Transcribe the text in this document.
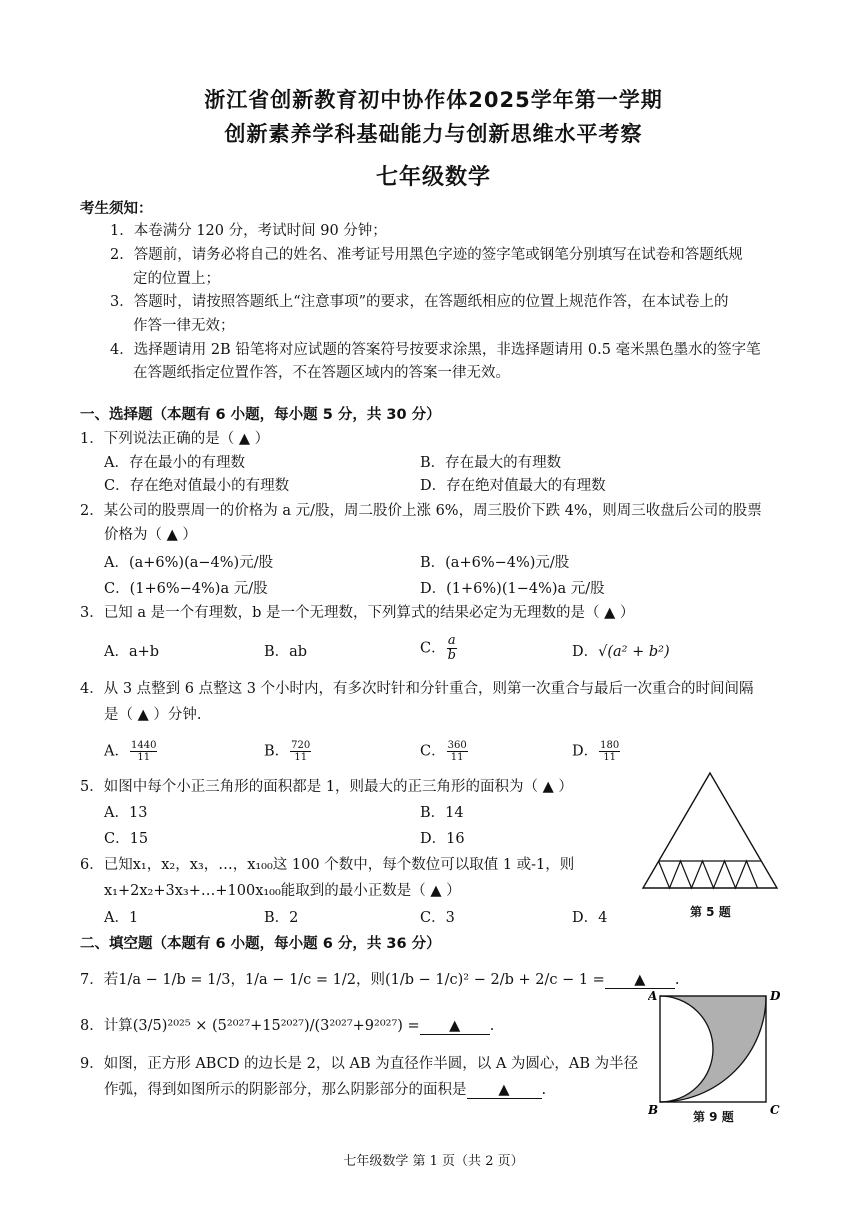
浙江省创新教育初中协作体2025学年第一学期
创新素养学科基础能力与创新思维水平考察
七年级数学
考生须知：
1．本卷满分 120 分，考试时间 90 分钟；
2．答题前，请务必将自己的姓名、准考证号用黑色字迹的签字笔或钢笔分别填写在试卷和答题纸规
定的位置上；
3．答题时，请按照答题纸上“注意事项”的要求，在答题纸相应的位置上规范作答，在本试卷上的
作答一律无效；
4．选择题请用 2B 铅笔将对应试题的答案符号按要求涂黑，非选择题请用 0.5 毫米黑色墨水的签字笔
在答题纸指定位置作答，不在答题区域内的答案一律无效。
一、选择题（本题有 6 小题，每小题 5 分，共 30 分）
1．下列说法正确的是（ ▲ ）
A．存在最小的有理数	B．存在最大的有理数
C．存在绝对值最小的有理数	D．存在绝对值最大的有理数
2．某公司的股票周一的价格为 a 元/股，周二股价上涨 6%，周三股价下跌 4%，则周三收盘后公司的股票
价格为（ ▲ ）
A．(a+6%)(a−4%)元/股	B．(a+6%−4%)元/股
C．(1+6%−4%)a 元/股	D．(1+6%)(1−4%)a 元/股
3．已知 a 是一个有理数，b 是一个无理数，下列算式的结果必定为无理数的是（ ▲ ）
A．a+b	B．ab	C． $\frac{a}{b}$	D．√(a² + b²)
4．从 3 点整到 6 点整这 3 个小时内，有多次时针和分针重合，则第一次重合与最后一次重合的时间间隔
是（ ▲ ）分钟.
A． $\frac{1440}{11}$	B． $\frac{720}{11}$	C． $\frac{360}{11}$	D． $\frac{180}{11}$
5．如图中每个小正三角形的面积都是 1，则最大的正三角形的面积为（ ▲ ）
A．13	B．14
C．15	D．16
第 5 题
6．已知x₁，x₂，x₃，…，x₁₀₀这 100 个数中，每个数位可以取值 1 或-1，则
x₁+2x₂+3x₃+…+100x₁₀₀能取到的最小正数是（ ▲ ）
A．1	B．2	C．3	D．4
二、填空题（本题有 6 小题，每小题 6 分，共 36 分）
7．若1/a − 1/b = 1/3，1/a − 1/c = 1/2，则(1/b − 1/c)² − 2/b + 2/c − 1 = ▲ .
8．计算(3/5)²⁰²⁵ × (5²⁰²⁷+15²⁰²⁷)/(3²⁰²⁷+9²⁰²⁷) = ▲ .
9．如图，正方形 ABCD 的边长是 2，以 AB 为直径作半圆，以 A 为圆心，AB 为半径
作弧，得到如图所示的阴影部分，那么阴影部分的面积是 ▲ .
A	D
B	C
第 9 题
七年级数学 第 1 页（共 2 页）
